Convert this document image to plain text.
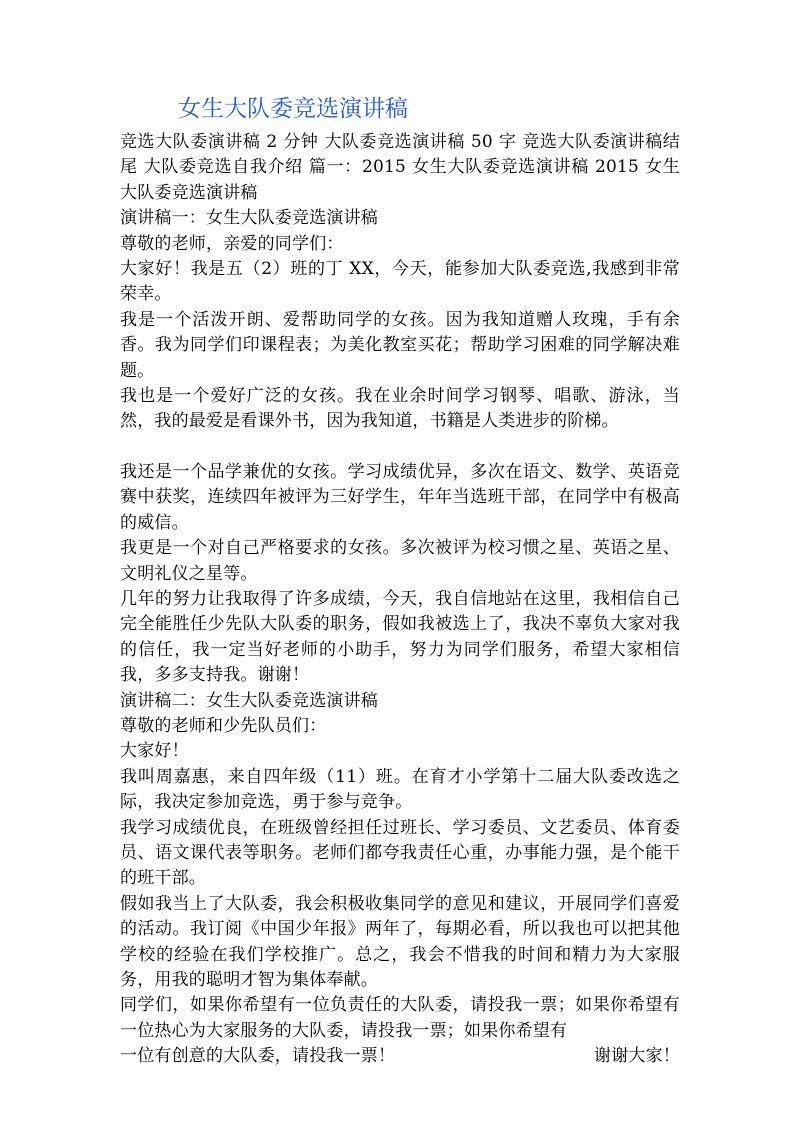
女生大队委竞选演讲稿

竞选大队委演讲稿 2 分钟 大队委竞选演讲稿 50 字 竞选大队委演讲稿结尾 大队委竞选自我介绍 篇一：2015 女生大队委竞选演讲稿 2015 女生大队委竞选演讲稿

演讲稿一：女生大队委竞选演讲稿

尊敬的老师，亲爱的同学们：

大家好！我是五（2）班的丁 XX，今天，能参加大队委竞选,我感到非常荣幸。

我是一个活泼开朗、爱帮助同学的女孩。因为我知道赠人玫瑰，手有余香。我为同学们印课程表；为美化教室买花；帮助学习困难的同学解决难题。

我也是一个爱好广泛的女孩。我在业余时间学习钢琴、唱歌、游泳，当然，我的最爱是看课外书，因为我知道，书籍是人类进步的阶梯。

我还是一个品学兼优的女孩。学习成绩优异，多次在语文、数学、英语竞赛中获奖，连续四年被评为三好学生，年年当选班干部，在同学中有极高的威信。

我更是一个对自己严格要求的女孩。多次被评为校习惯之星、英语之星、文明礼仪之星等。

几年的努力让我取得了许多成绩，今天，我自信地站在这里，我相信自己完全能胜任少先队大队委的职务，假如我被选上了，我决不辜负大家对我的信任，我一定当好老师的小助手，努力为同学们服务，希望大家相信我，多多支持我。谢谢！

演讲稿二：女生大队委竞选演讲稿

尊敬的老师和少先队员们：

大家好！

我叫周嘉惠，来自四年级（11）班。在育才小学第十二届大队委改选之际，我决定参加竞选，勇于参与竞争。

我学习成绩优良，在班级曾经担任过班长、学习委员、文艺委员、体育委员、语文课代表等职务。老师们都夸我责任心重，办事能力强，是个能干的班干部。

假如我当上了大队委，我会积极收集同学的意见和建议，开展同学们喜爱的活动。我订阅《中国少年报》两年了，每期必看，所以我也可以把其他学校的经验在我们学校推广。总之，我会不惜我的时间和精力为大家服务，用我的聪明才智为集体奉献。

同学们，如果你希望有一位负责任的大队委，请投我一票；如果你希望有一位热心为大家服务的大队委，请投我一票；如果你希望有

一位有创意的大队委，请投我一票！	谢谢大家！
